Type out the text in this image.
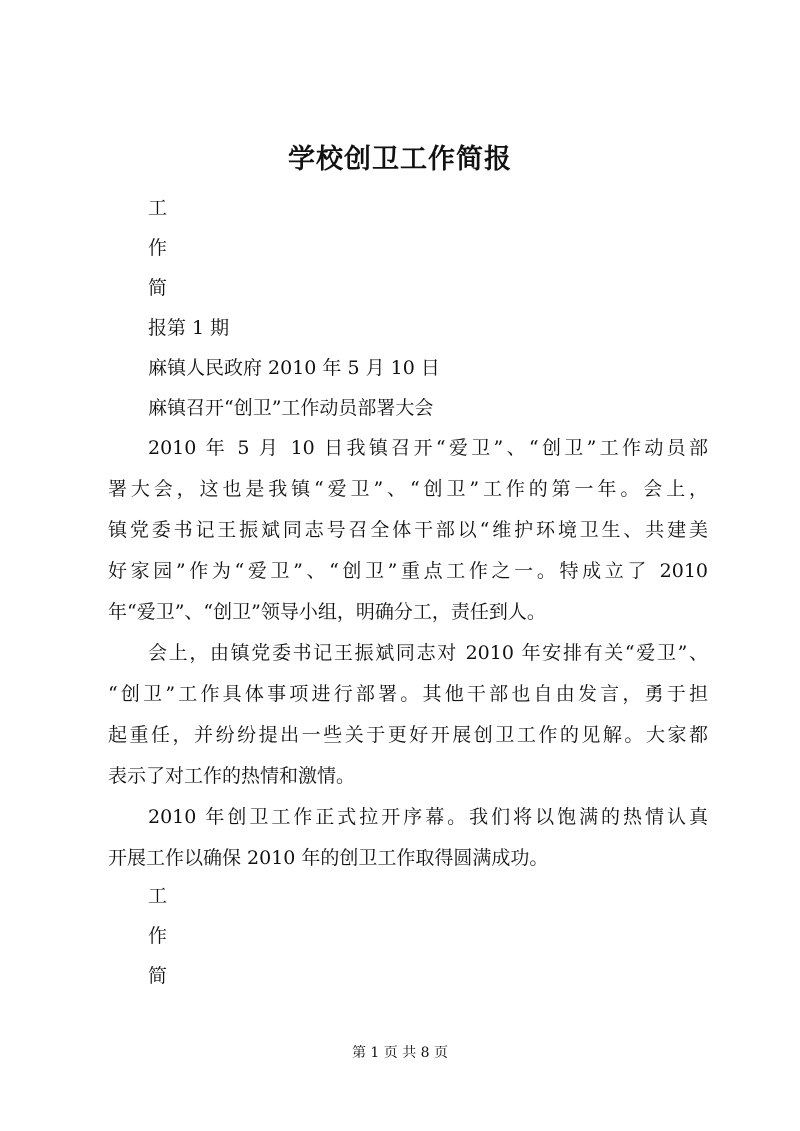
学校创卫工作简报
工
作
简
报第 1 期
麻镇人民政府 2010 年 5 月 10 日
麻镇召开“创卫”工作动员部署大会
2010 年 5 月 10 日我镇召开“爱卫”、“创卫”工作动员部
署大会，这也是我镇“爱卫”、“创卫”工作的第一年。会上，
镇党委书记王振斌同志号召全体干部以“维护环境卫生、共建美
好家园”作为“爱卫”、“创卫”重点工作之一。特成立了 2010
年“爱卫”、“创卫”领导小组，明确分工，责任到人。
会上，由镇党委书记王振斌同志对 2010 年安排有关“爱卫”、
“创卫”工作具体事项进行部署。其他干部也自由发言，勇于担
起重任，并纷纷提出一些关于更好开展创卫工作的见解。大家都
表示了对工作的热情和激情。
2010 年创卫工作正式拉开序幕。我们将以饱满的热情认真
开展工作以确保 2010 年的创卫工作取得圆满成功。
工
作
简
第 1 页 共 8 页
